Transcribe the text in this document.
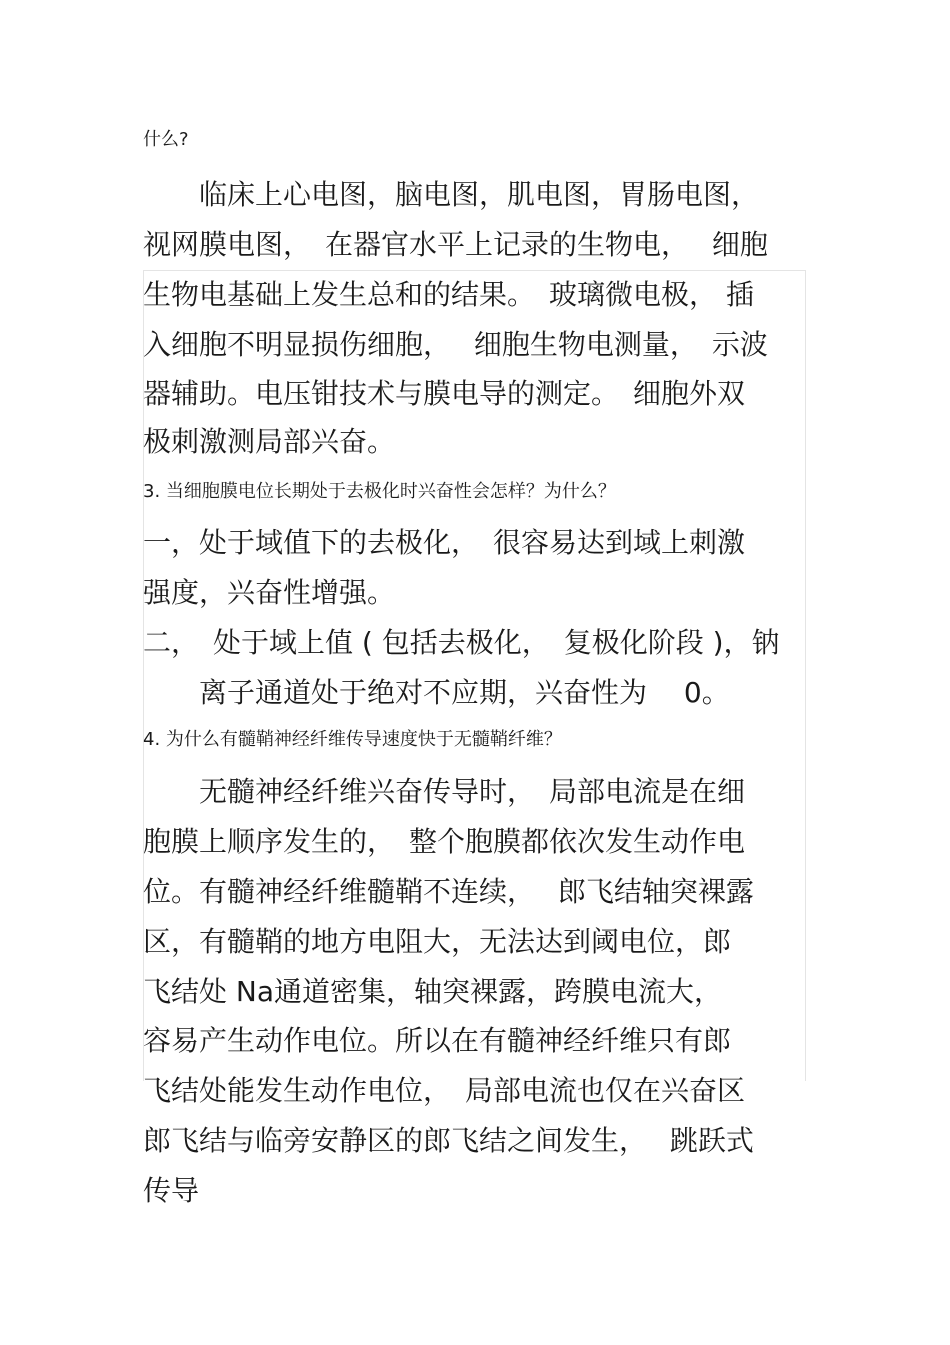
什么?
　　临床上心电图，脑电图，肌电图，胃肠电图，
视网膜电图，　在器官水平上记录的生物电，　 细胞
生物电基础上发生总和的结果。　玻璃微电极， 插
入细胞不明显损伤细胞，　 细胞生物电测量，　示波
器辅助。电压钳技术与膜电导的测定。　细胞外双
极刺激测局部兴奋。
3. 当细胞膜电位长期处于去极化时兴奋性会怎样？为什么？
一，处于域值下的去极化，　很容易达到域上刺激
强度，兴奋性增强。
二，　处于域上值 ( 包括去极化，　复极化阶段 )，钠
　　离子通道处于绝对不应期，兴奋性为　 0。
4. 为什么有髓鞘神经纤维传导速度快于无髓鞘纤维？
　　无髓神经纤维兴奋传导时，　局部电流是在细
胞膜上顺序发生的，　整个胞膜都依次发生动作电
位。有髓神经纤维髓鞘不连续，　 郎飞结轴突裸露
区，有髓鞘的地方电阻大，无法达到阈电位，郎
飞结处 Na通道密集，轴突裸露，跨膜电流大，
容易产生动作电位。所以在有髓神经纤维只有郎
飞结处能发生动作电位，　局部电流也仅在兴奋区
郎飞结与临旁安静区的郎飞结之间发生，　 跳跃式
传导
